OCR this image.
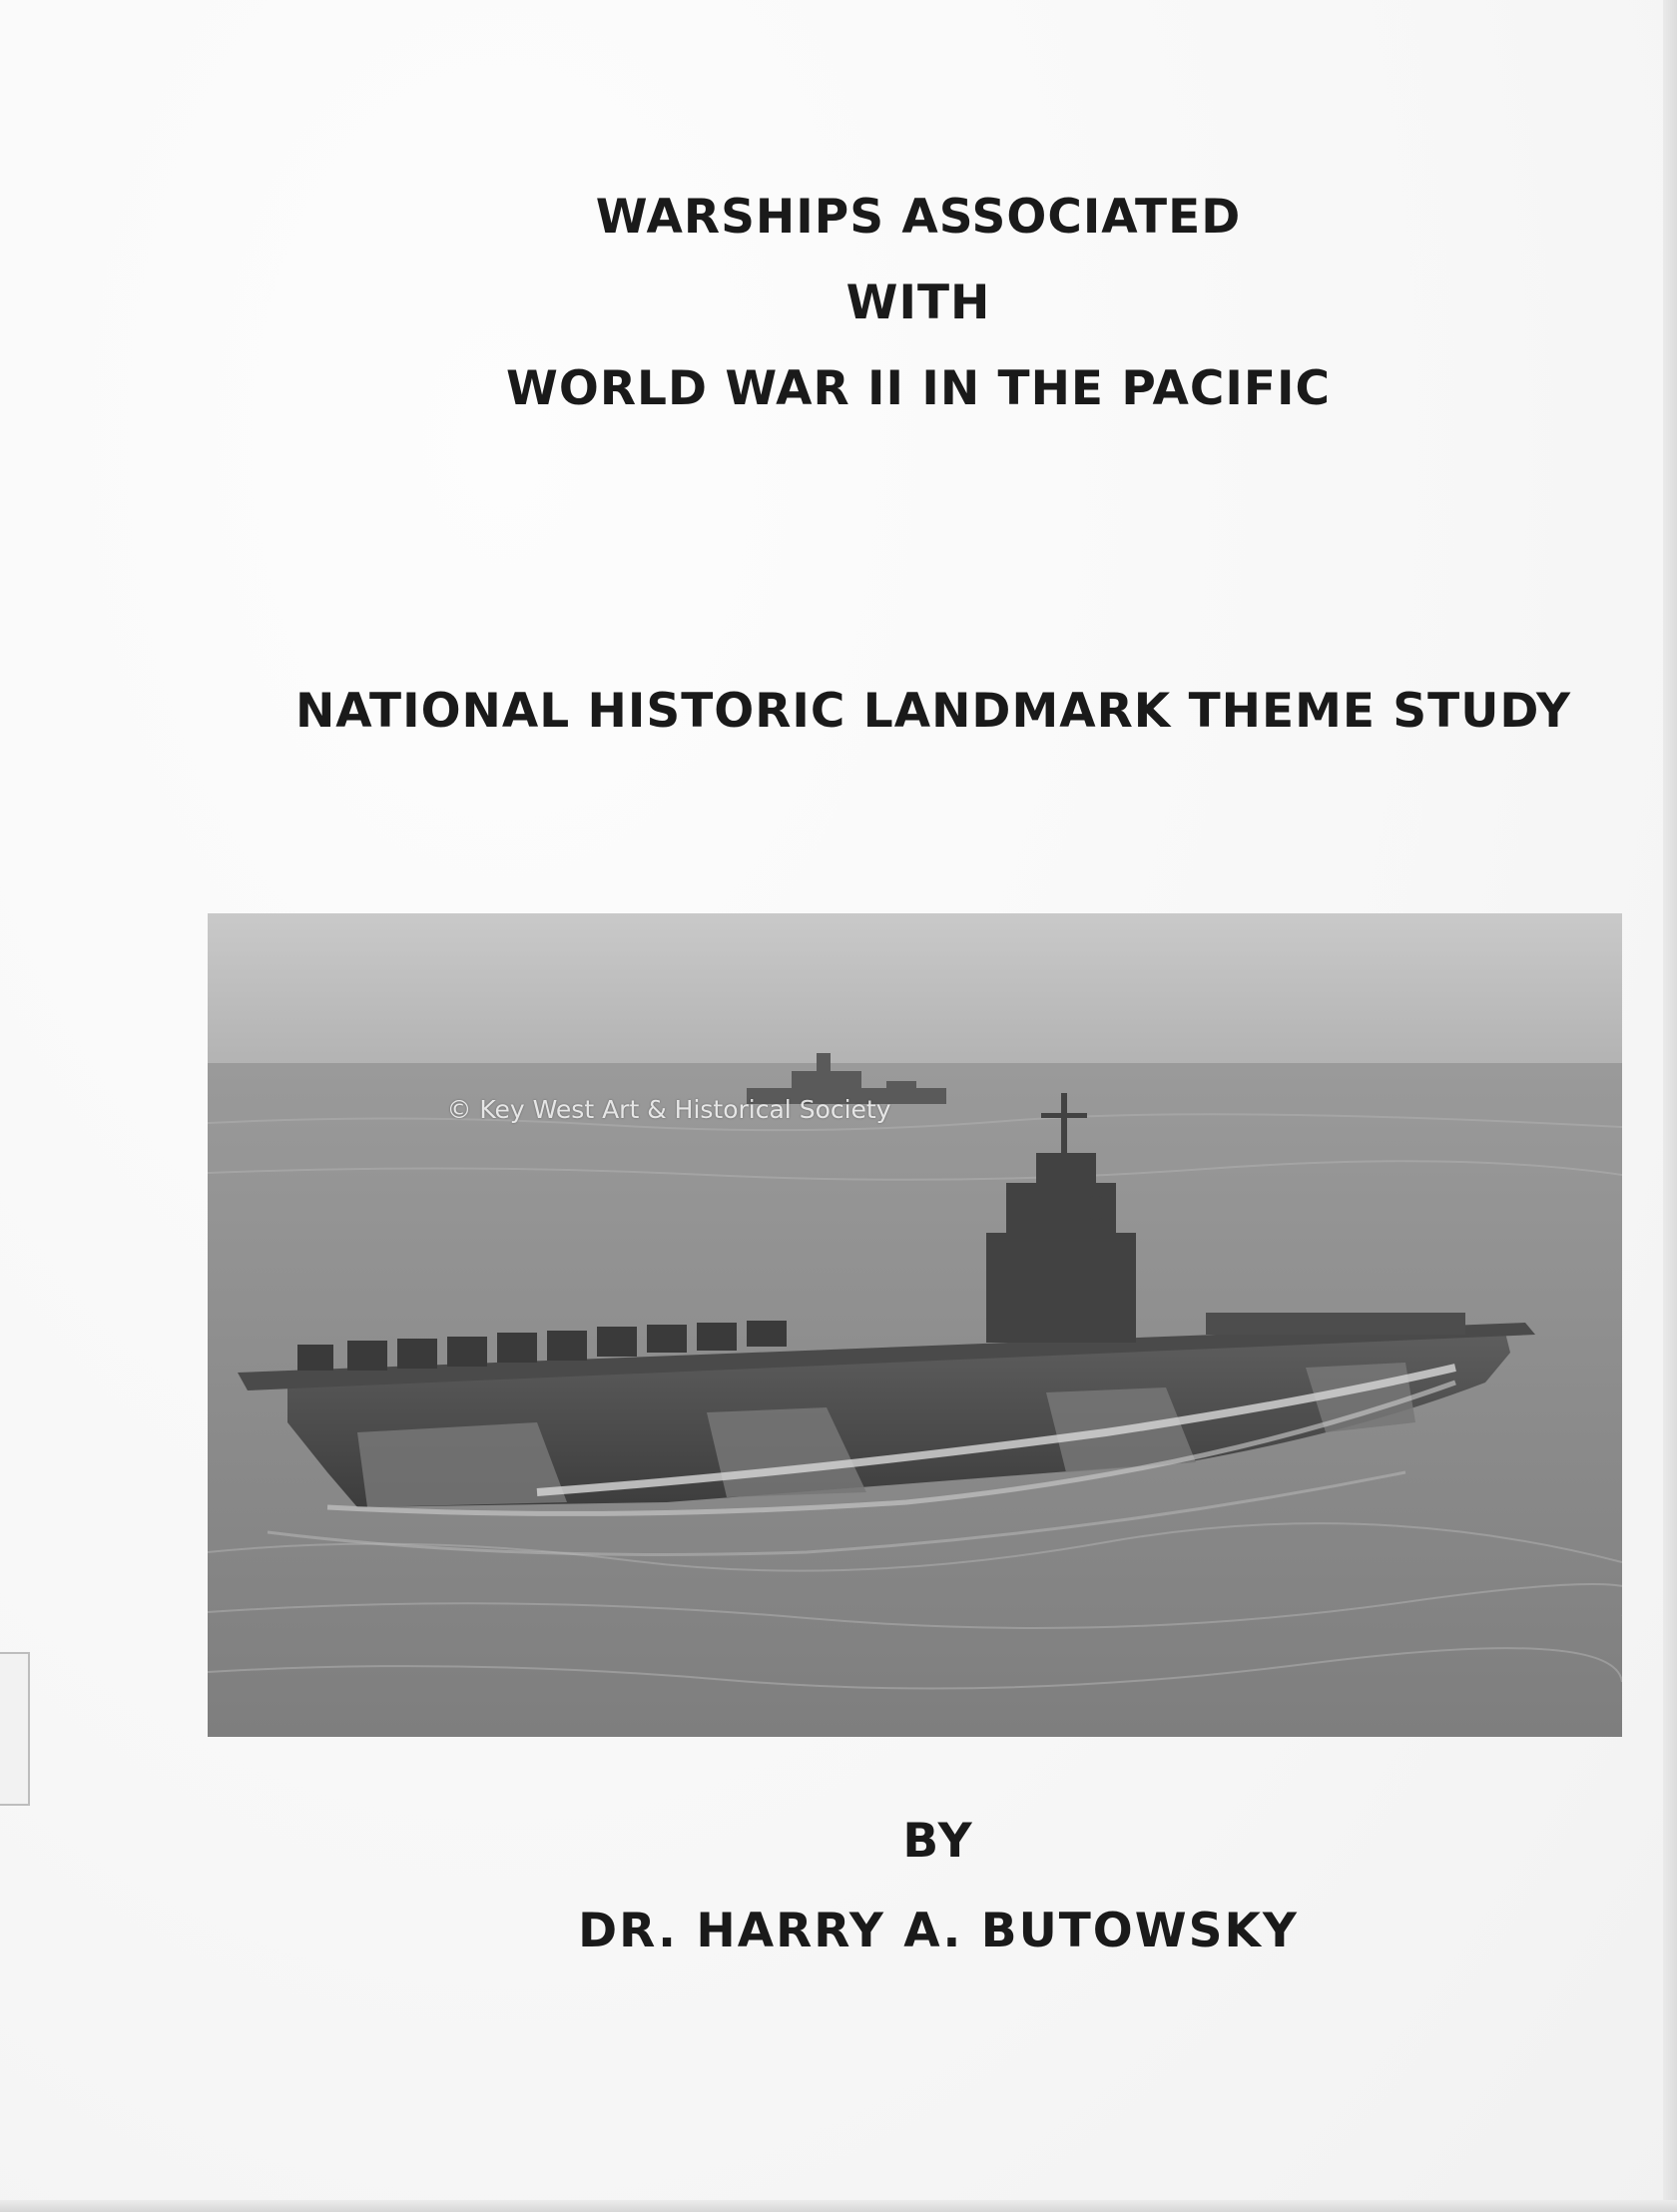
WARSHIPS ASSOCIATED
WITH
WORLD WAR II IN THE PACIFIC
NATIONAL HISTORIC LANDMARK THEME STUDY
© Key West Art & Historical Society
BY
DR. HARRY A. BUTOWSKY
